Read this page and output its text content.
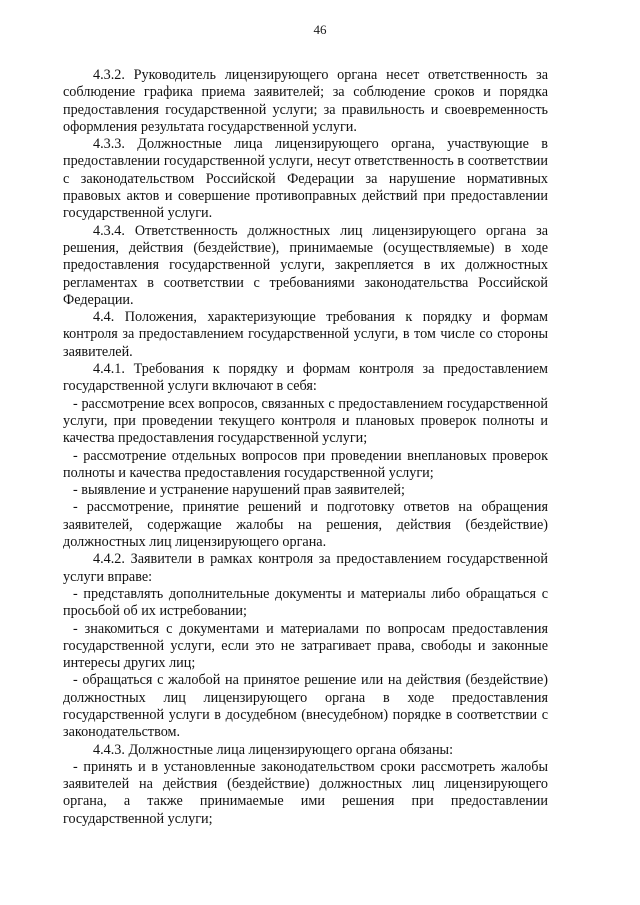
46

4.3.2. Руководитель лицензирующего органа несет ответственность за соблюдение графика приема заявителей; за соблюдение сроков и порядка предоставления государственной услуги; за правильность и своевременность оформления результата государственной услуги.

4.3.3. Должностные лица лицензирующего органа, участвующие в предоставлении государственной услуги, несут ответственность в соответствии с законодательством Российской Федерации за нарушение нормативных правовых актов и совершение противоправных действий при предоставлении государственной услуги.

4.3.4. Ответственность должностных лиц лицензирующего органа за решения, действия (бездействие), принимаемые (осуществляемые) в ходе предоставления государственной услуги, закрепляется в их должностных регламентах в соответствии с требованиями законодательства Российской Федерации.

4.4. Положения, характеризующие требования к порядку и формам контроля за предоставлением государственной услуги, в том числе со стороны заявителей.

4.4.1. Требования к порядку и формам контроля за предоставлением государственной услуги включают в себя:

- рассмотрение всех вопросов, связанных с предоставлением государственной услуги, при проведении текущего контроля и плановых проверок полноты и качества предоставления государственной услуги;

- рассмотрение отдельных вопросов при проведении внеплановых проверок полноты и качества предоставления государственной услуги;

- выявление и устранение нарушений прав заявителей;

- рассмотрение, принятие решений и подготовку ответов на обращения заявителей, содержащие жалобы на решения, действия (бездействие) должностных лиц лицензирующего органа.

4.4.2. Заявители в рамках контроля за предоставлением государственной услуги вправе:

- представлять дополнительные документы и материалы либо обращаться с просьбой об их истребовании;

- знакомиться с документами и материалами по вопросам предоставления государственной услуги, если это не затрагивает права, свободы и законные интересы других лиц;

- обращаться с жалобой на принятое решение или на действия (бездействие) должностных лиц лицензирующего органа в ходе предоставления государственной услуги в досудебном (внесудебном) порядке в соответствии с законодательством.

4.4.3. Должностные лица лицензирующего органа обязаны:

- принять и в установленные законодательством сроки рассмотреть жалобы заявителей на действия (бездействие) должностных лиц лицензирующего органа, а также принимаемые ими решения при предоставлении государственной услуги;
